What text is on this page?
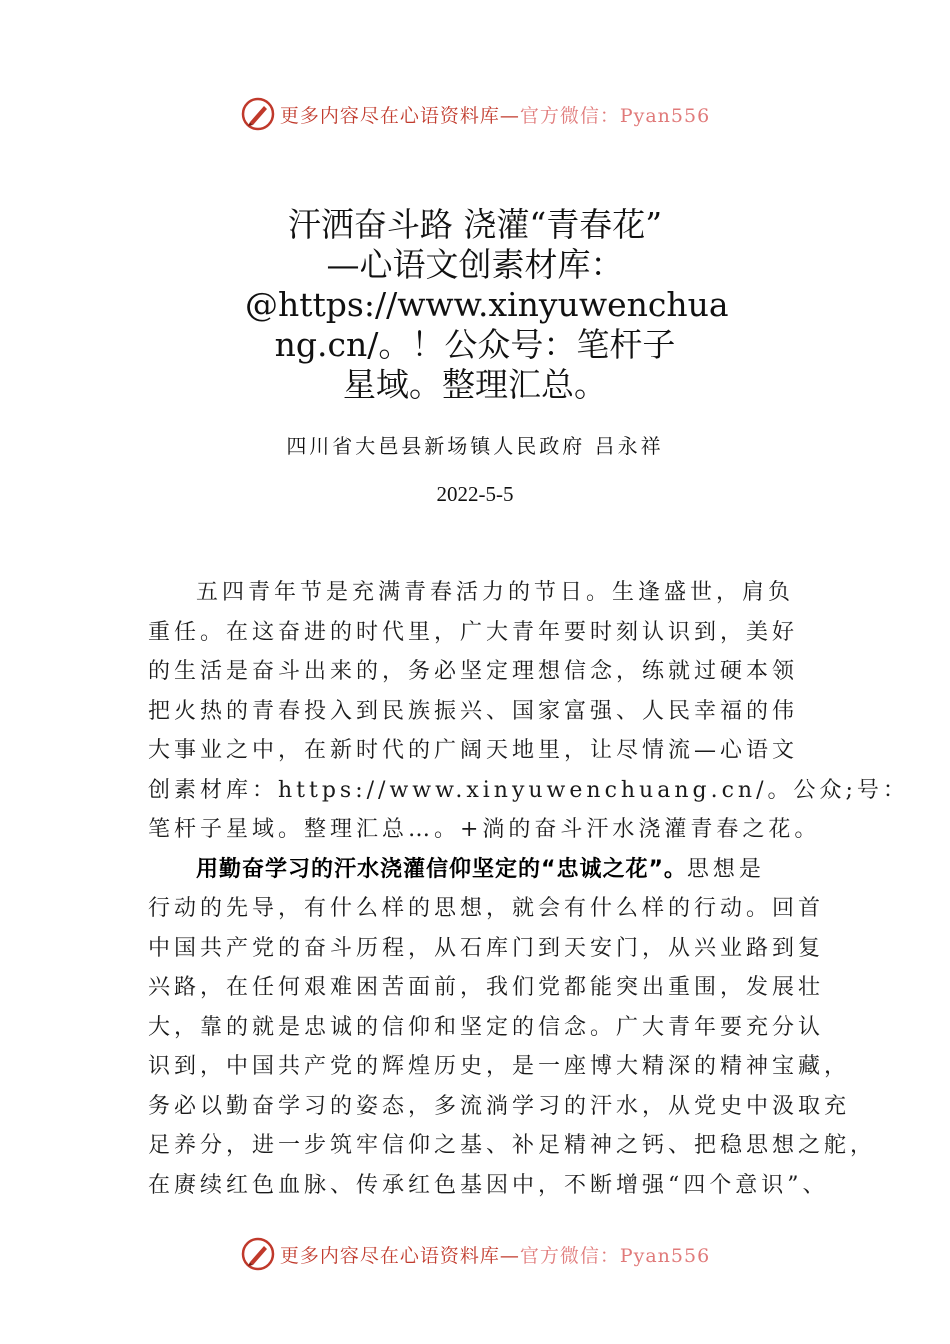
更多内容尽在心语资料库—官方微信：Pyan556
汗洒奋斗路 浇灌“青春花”
—心语文创素材库：
@https://www.xinyuwenchua
ng.cn/。！公众号：笔杆子
星域。整理汇总。
四川省大邑县新场镇人民政府 吕永祥
2022-5-5
五四青年节是充满青春活力的节日。生逢盛世，肩负
重任。在这奋进的时代里，广大青年要时刻认识到，美好
的生活是奋斗出来的，务必坚定理想信念，练就过硬本领
把火热的青春投入到民族振兴、国家富强、人民幸福的伟
大事业之中，在新时代的广阔天地里，让尽情流—心语文
创素材库：https://www.xinyuwenchuang.cn/。公众;号：
笔杆子星域。整理汇总…。+淌的奋斗汗水浇灌青春之花。
用勤奋学习的汗水浇灌信仰坚定的“忠诚之花”。思想是
行动的先导，有什么样的思想，就会有什么样的行动。回首
中国共产党的奋斗历程，从石库门到天安门，从兴业路到复
兴路，在任何艰难困苦面前，我们党都能突出重围，发展壮
大，靠的就是忠诚的信仰和坚定的信念。广大青年要充分认
识到，中国共产党的辉煌历史，是一座博大精深的精神宝藏，
务必以勤奋学习的姿态，多流淌学习的汗水，从党史中汲取充
足养分，进一步筑牢信仰之基、补足精神之钙、把稳思想之舵，
在赓续红色血脉、传承红色基因中，不断增强“四个意识”、
更多内容尽在心语资料库—官方微信：Pyan556
